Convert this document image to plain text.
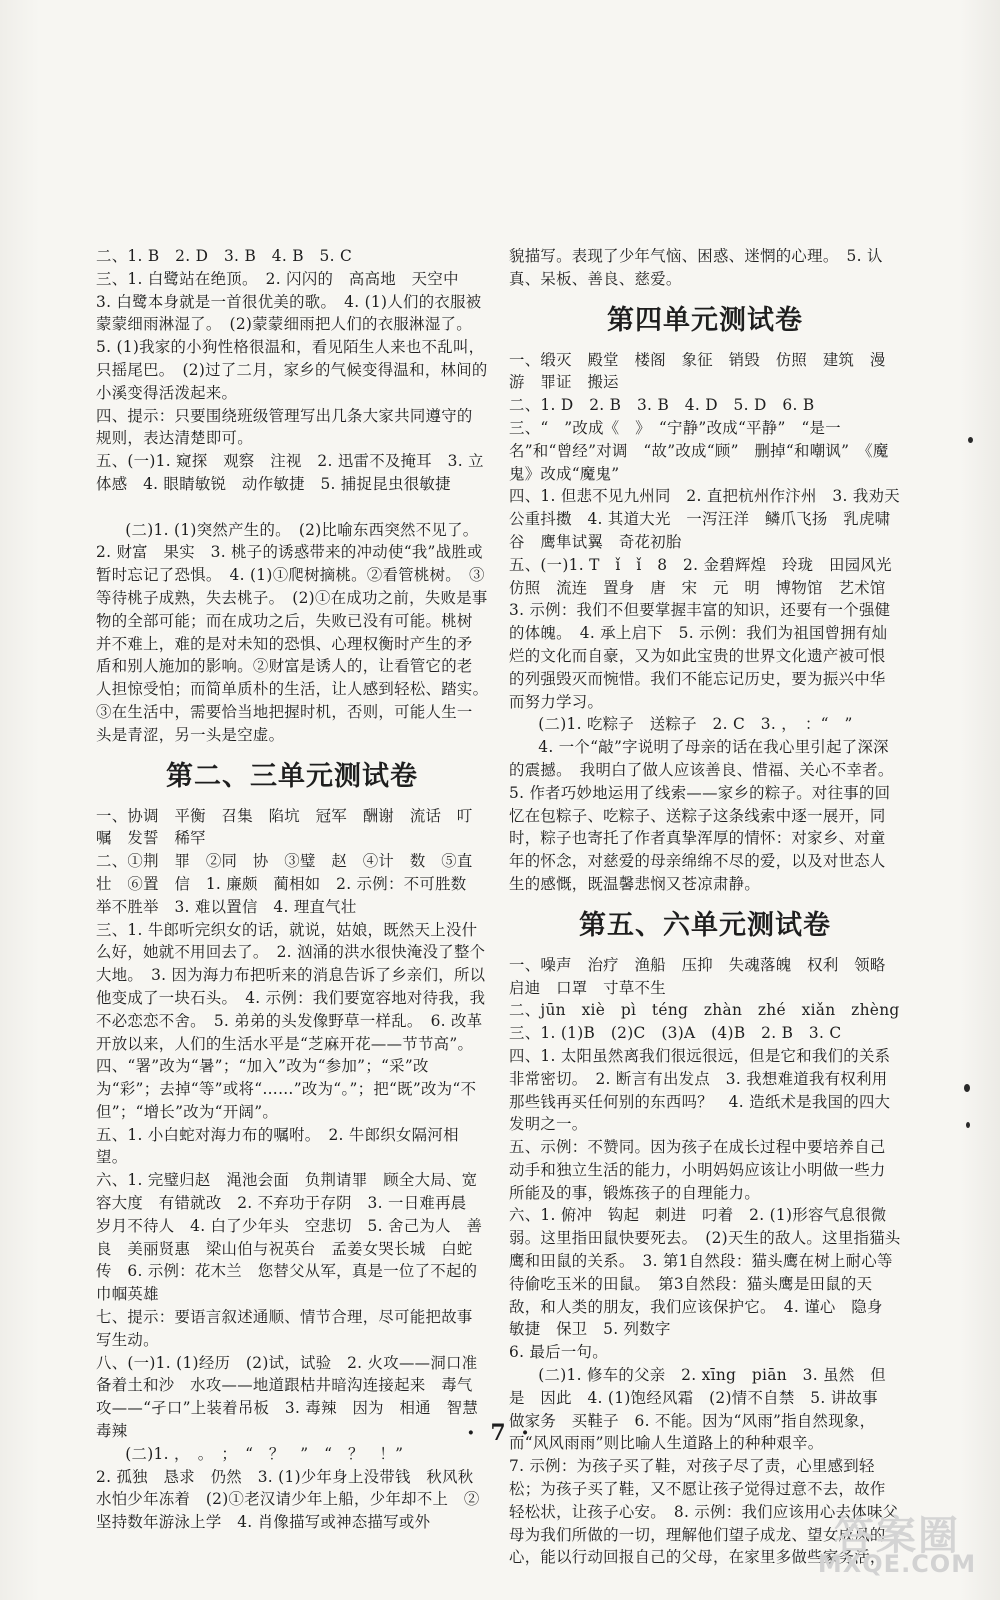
二、1. B　2. D　3. B　4. B　5. C

三、1. 白鹭站在绝顶。　2. 闪闪的　高高地　天空中　3. 白鹭本身就是一首很优美的歌。　4. (1)人们的衣服被蒙蒙细雨淋湿了。　(2)蒙蒙细雨把人们的衣服淋湿了。　5. (1)我家的小狗性格很温和，看见陌生人来也不乱叫，只摇尾巴。　(2)过了二月，家乡的气候变得温和，林间的小溪变得活泼起来。

四、提示：只要围绕班级管理写出几条大家共同遵守的规则，表达清楚即可。

五、(一)1. 窥探　观察　注视　2. 迅雷不及掩耳　3. 立体感　4. 眼睛敏锐　动作敏捷　5. 捕捉昆虫很敏捷

(二)1. (1)突然产生的。　(2)比喻东西突然不见了。　2. 财富　果实　3. 桃子的诱惑带来的冲动使“我”战胜或暂时忘记了恐惧。　4. (1)①爬树摘桃。②看管桃树。　③等待桃子成熟，失去桃子。　(2)①在成功之前，失败是事物的全部可能；而在成功之后，失败已没有可能。桃树并不难上，难的是对未知的恐惧、心理权衡时产生的矛盾和别人施加的影响。②财富是诱人的，让看管它的老人担惊受怕；而简单质朴的生活，让人感到轻松、踏实。　③在生活中，需要恰当地把握时机，否则，可能人生一头是青涩，另一头是空虚。

第二、三单元测试卷

一、协调　平衡　召集　陷坑　冠军　酬谢　流话　叮嘱　发誓　稀罕

二、①荆　罪　②同　协　③璧　赵　④计　数　⑤直　壮　⑥置　信　1. 廉颇　蔺相如　2. 示例：不可胜数　举不胜举　3. 难以置信　4. 理直气壮

三、1. 牛郎听完织女的话，就说，姑娘，既然天上没什么好，她就不用回去了。　2. 汹涌的洪水很快淹没了整个大地。　3. 因为海力布把听来的消息告诉了乡亲们，所以他变成了一块石头。　4. 示例：我们要宽容地对待我，我不必恋恋不舍。　5. 弟弟的头发像野草一样乱。　6. 改革开放以来，人们的生活水平是“芝麻开花——节节高”。

四、“署”改为“暑”；“加入”改为“参加”；“采”改为“彩”；去掉“等”或将“……”改为“。”；把“既”改为“不但”；“增长”改为“开阔”。

五、1. 小白蛇对海力布的嘱咐。　2. 牛郎织女隔河相望。

六、1. 完璧归赵　渑池会面　负荆请罪　顾全大局、宽容大度　有错就改　2. 不弃功于存阴　3. 一日难再晨　岁月不待人　4. 白了少年头　空悲切　5. 舍己为人　善良　美丽贤惠　梁山伯与祝英台　孟姜女哭长城　白蛇传　6. 示例：花木兰　您替父从军，真是一位了不起的巾帼英雄

七、提示：要语言叙述通顺、情节合理，尽可能把故事写生动。

八、(一)1. (1)经历　(2)试，试验　2. 火攻——洞口准备着土和沙　水攻——地道跟枯井暗沟连接起来　毒气攻——“孑口”上装着吊板　3. 毒辣　因为　相通　智慧　毒辣

(二)1. ，　。　；　“　？　”　“　？　！”

2. 孤独　恳求　仍然　3. (1)少年身上没带钱　秋风秋水怕少年冻着　(2)①老汉请少年上船，少年却不上　②坚持数年游泳上学　4. 肖像描写或神态描写或外

貌描写。表现了少年气恼、困惑、迷惘的心理。　5. 认真、呆板、善良、慈爱。

第四单元测试卷

一、缎灭　殿堂　楼阁　象征　销毁　仿照　建筑　漫游　罪证　搬运

二、1. D　2. B　3. B　4. D　5. D　6. B

三、“　”改成《　》　“宁静”改成“平静”　“是一名”和“曾经”对调　“故”改成“顾”　删掉“和嘲讽”　《魔鬼》改成“魔鬼”

四、1. 但悲不见九州同　2. 直把杭州作汴州　3. 我劝天公重抖擞　4. 其道大光　一泻汪洋　鳞爪飞扬　乳虎啸谷　鹰隼试翼　奇花初胎

五、(一)1. T　ǐ　ǐ　8　2. 金碧辉煌　玲珑　田园风光　仿照　流连　置身　唐　宋　元　明　博物馆　艺术馆　3. 示例：我们不但要掌握丰富的知识，还要有一个强健的体魄。　4. 承上启下　5. 示例：我们为祖国曾拥有灿烂的文化而自豪，又为如此宝贵的世界文化遗产被可恨的列强毁灭而惋惜。我们不能忘记历史，要为振兴中华而努力学习。

(二)1. 吃粽子　送粽子　2. C　3. ，　：“　”

4. 一个“敲”字说明了母亲的话在我心里引起了深深的震撼。　我明白了做人应该善良、惜福、关心不幸者。　5. 作者巧妙地运用了线索——家乡的粽子。对往事的回忆在包粽子、吃粽子、送粽子这条线索中逐一展开，同时，粽子也寄托了作者真挚浑厚的情怀：对家乡、对童年的怀念，对慈爱的母亲绵绵不尽的爱，以及对世态人生的感慨，既温馨悲悯又苍凉肃静。

第五、六单元测试卷

一、噪声　治疗　渔船　压抑　失魂落魄　权利　领略　启迪　口罩　寸草不生

二、jūn　xiè　pì　téng　zhàn　zhé　xiǎn　zhèng

三、1. (1)B　(2)C　(3)A　(4)B　2. B　3. C

四、1. 太阳虽然离我们很远很远，但是它和我们的关系非常密切。　2. 断言有出发点　3. 我想难道我有权利用那些钱再买任何别的东西吗？　4. 造纸术是我国的四大发明之一。

五、示例：不赞同。因为孩子在成长过程中要培养自己动手和独立生活的能力，小明妈妈应该让小明做一些力所能及的事，锻炼孩子的自理能力。

六、1. 俯冲　钩起　刺进　叼着　2. (1)形容气息很微弱。这里指田鼠快要死去。　(2)天生的敌人。这里指猫头鹰和田鼠的关系。　3. 第1自然段：猫头鹰在树上耐心等待偷吃玉米的田鼠。　第3自然段：猫头鹰是田鼠的天敌，和人类的朋友，我们应该保护它。　4. 谨心　隐身　敏捷　保卫　5. 列数字

6. 最后一句。

(二)1. 修车的父亲　2. xīng　piān　3. 虽然　但是　因此　4. (1)饱经风霜　(2)情不自禁　5. 讲故事　做家务　买鞋子　6. 不能。因为“风雨”指自然现象，而“风风雨雨”则比喻人生道路上的种种艰辛。

7. 示例：为孩子买了鞋，对孩子尽了责，心里感到轻松；为孩子买了鞋，又不愿让孩子觉得过意不去，故作轻松状，让孩子心安。　8. 示例：我们应该用心去体味父母为我们所做的一切，理解他们望子成龙、望女成凤的心，能以行动回报自己的父母，在家里多做些家务活，

· 7 ·
答案圈
MXQE.COM
